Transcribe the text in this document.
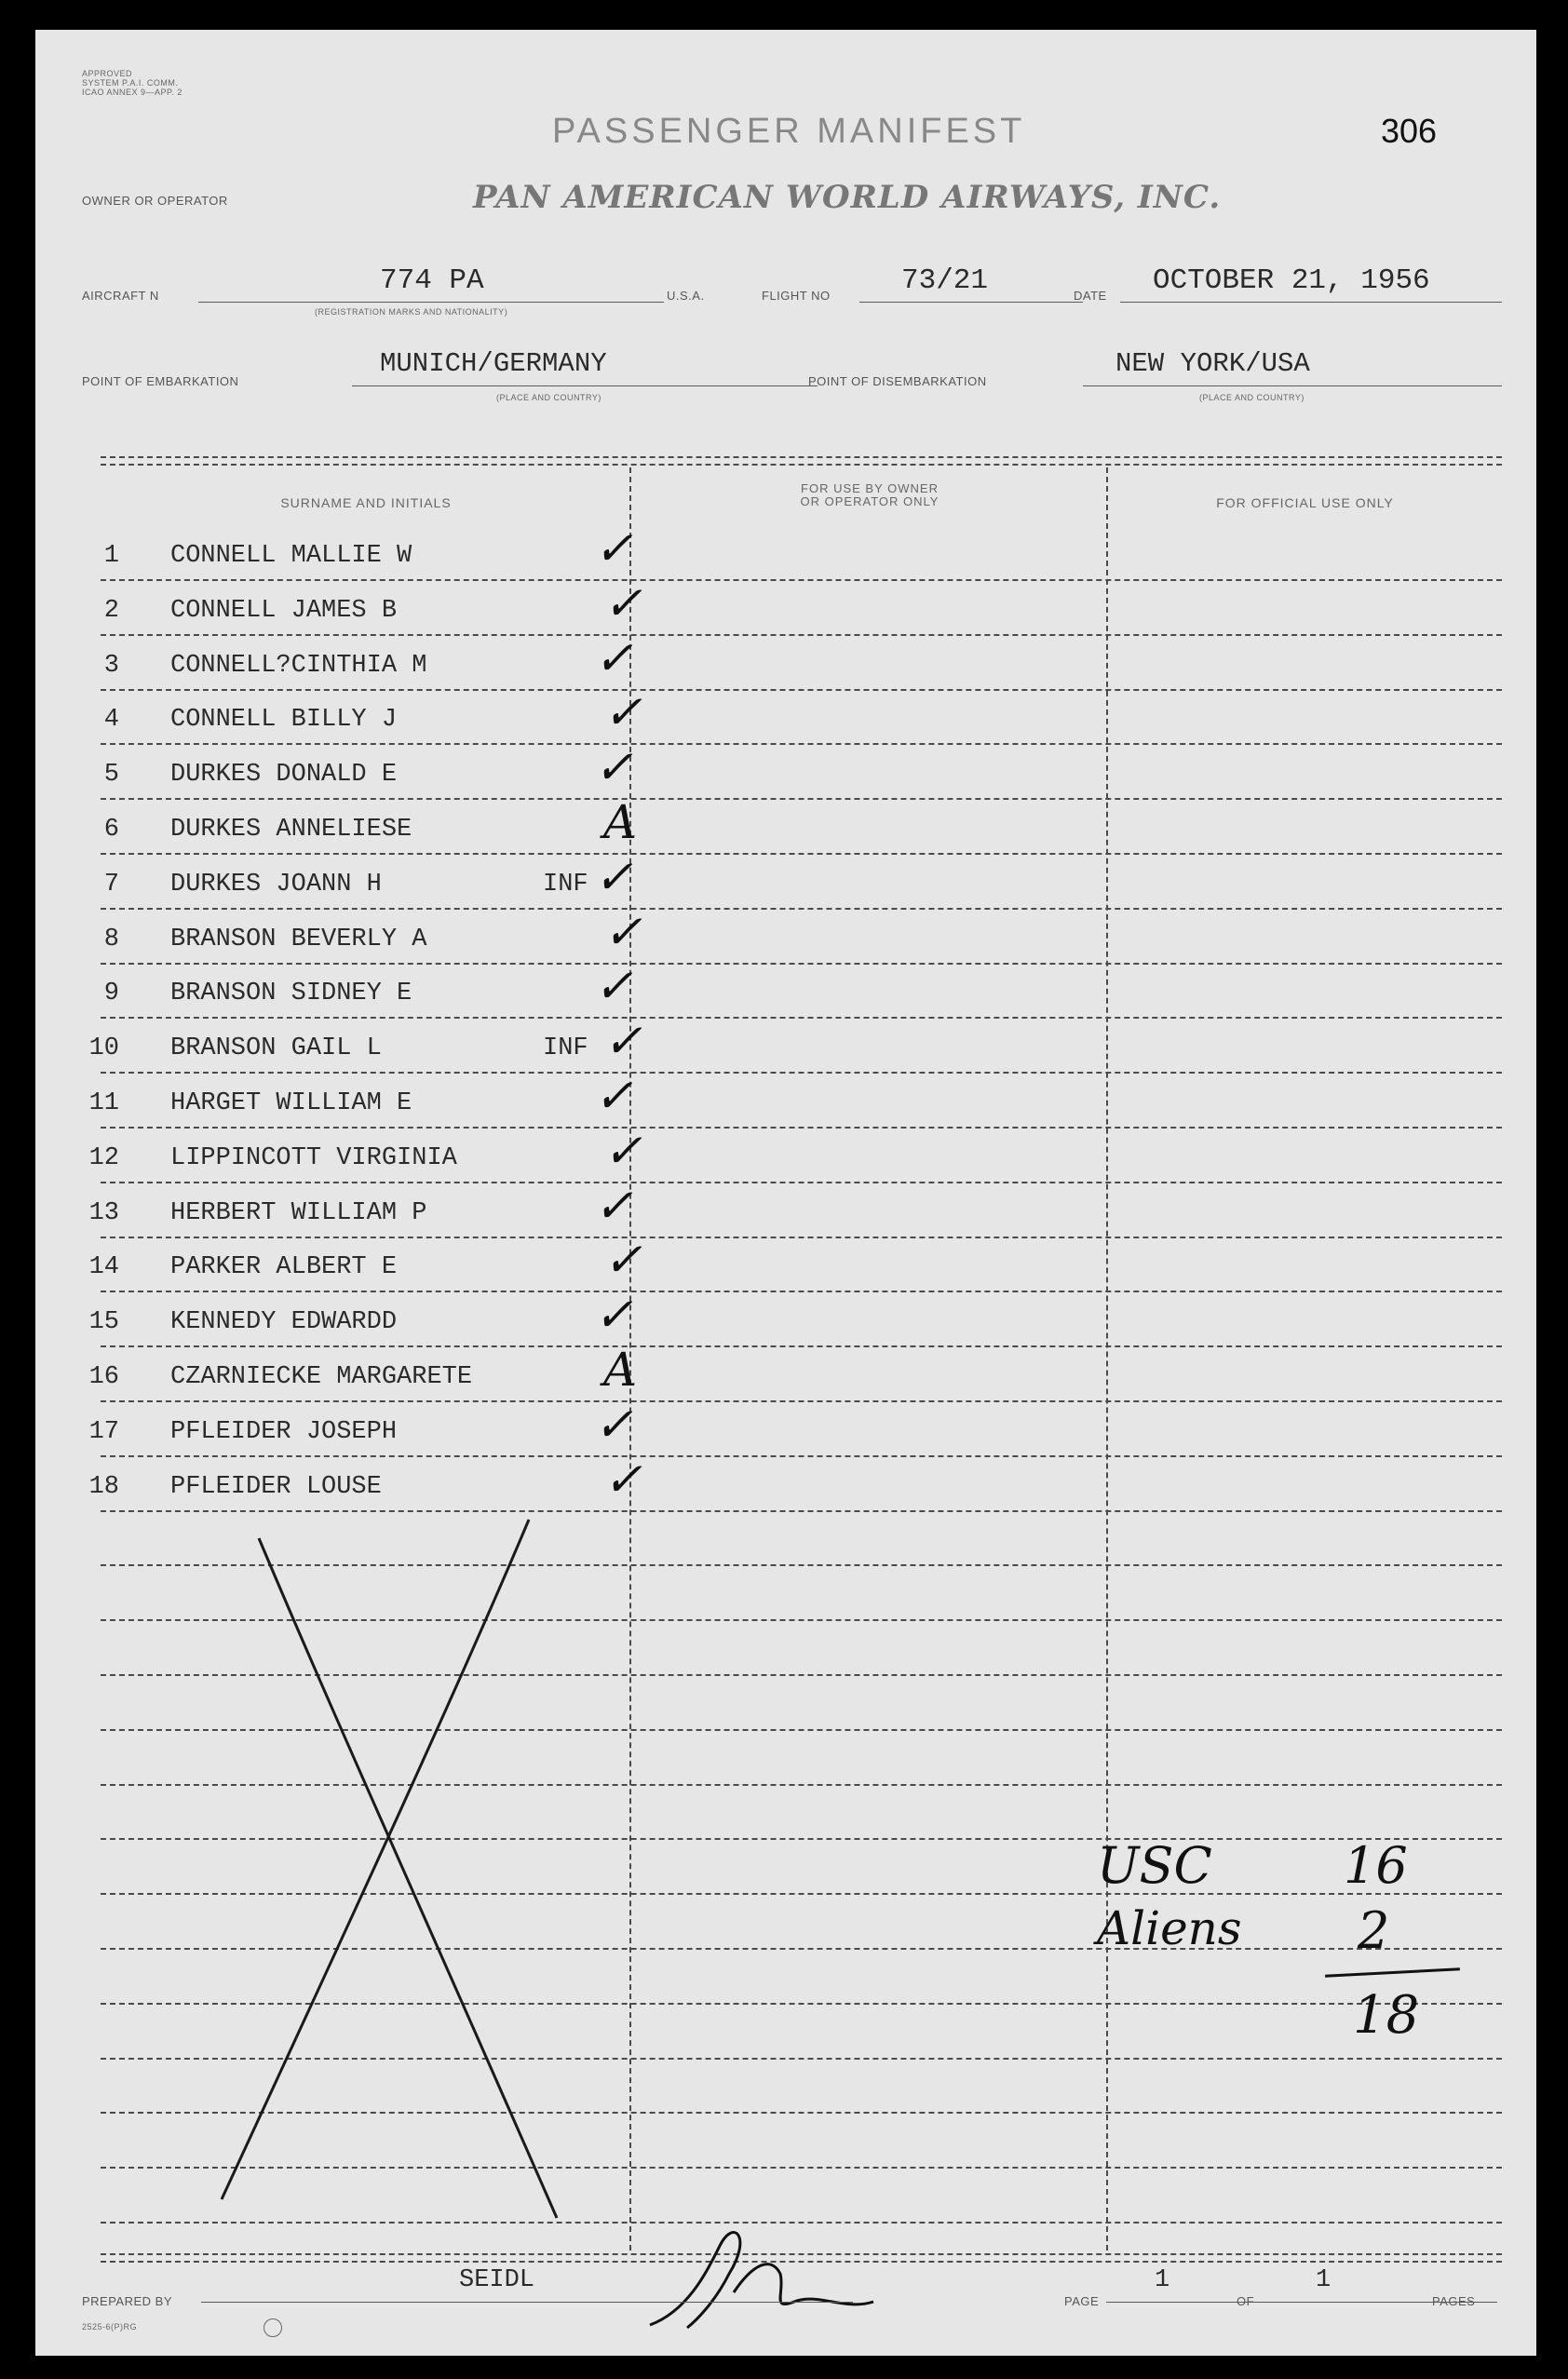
APPROVED
SYSTEM P.A.I. COMM.
ICAO ANNEX 9—APP. 2
PASSENGER MANIFEST	306
OWNER OR OPERATOR	PAN AMERICAN WORLD AIRWAYS, INC.
AIRCRAFT N	774 PA
(REGISTRATION MARKS AND NATIONALITY)
U.S.A.	FLIGHT NO 73/21	DATE OCTOBER 21, 1956
POINT OF EMBARKATION
MUNICH/GERMANY
(PLACE AND COUNTRY)
POINT OF DISEMBARKATION
NEW YORK/USA
(PLACE AND COUNTRY)
SURNAME AND INITIALS
FOR USE BY OWNER
OR OPERATOR ONLY	FOR OFFICIAL USE ONLY
1 CONNELL MALLIE W	✓
2 CONNELL JAMES B	✓
3 CONNELL?CINTHIA M	✓
4 CONNELL BILLY J	✓
5 DURKES DONALD E	✓
6 DURKES ANNELIESE	A
7 DURKES JOANN H	INF ✓
8 BRANSON BEVERLY A	✓
9 BRANSON SIDNEY E	✓
10 BRANSON GAIL L	INF ✓
11 HARGET WILLIAM E	✓
12 LIPPINCOTT VIRGINIA	✓
13 HERBERT WILLIAM P	✓
14 PARKER ALBERT E	✓
15 KENNEDY EDWARDD	✓
16 CZARNIECKE MARGARETE	A
17 PFLEIDER JOSEPH	✓
18 PFLEIDER LOUSE	✓
USC	16
Aliens 2
18
SEIDL
PREPARED BY
2525-6(P)RG
1
PAGE
1
OF	PAGES
